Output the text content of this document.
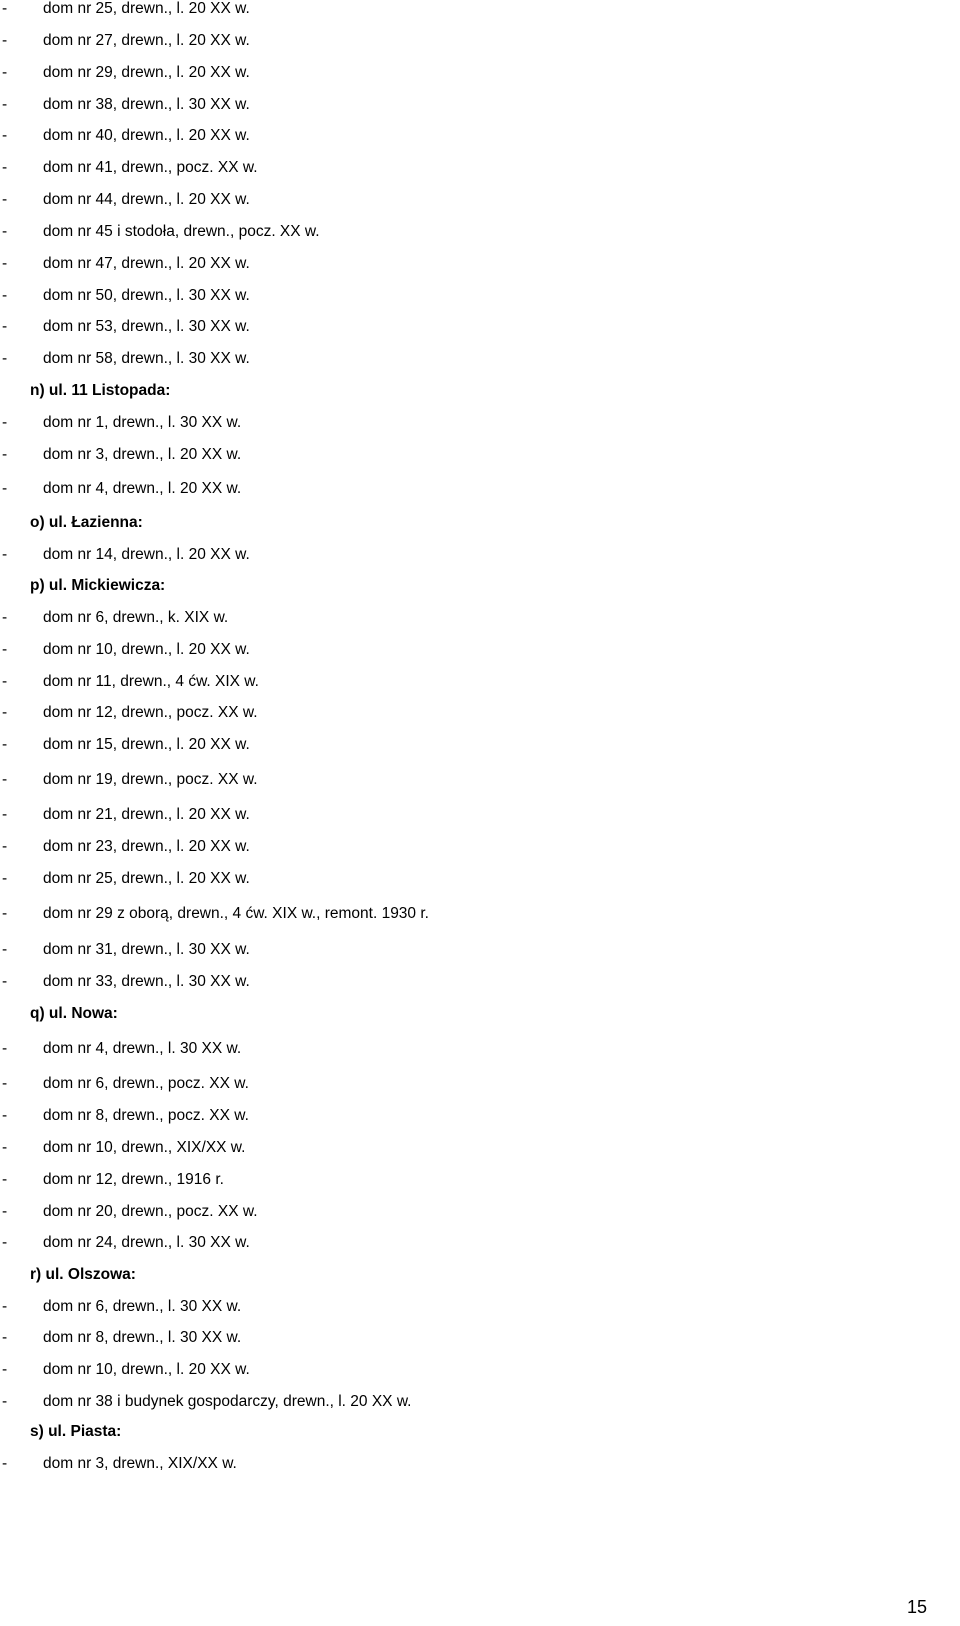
- dom nr 25, drewn., l. 20 XX w.
- dom nr 27, drewn., l. 20 XX w.
- dom nr 29, drewn., l. 20 XX w.
- dom nr 38, drewn., l. 30 XX w.
- dom nr 40, drewn., l. 20 XX w.
- dom nr 41, drewn., pocz. XX w.
- dom nr 44, drewn., l. 20 XX w.
- dom nr 45 i stodoła, drewn., pocz. XX w.
- dom nr 47, drewn., l. 20 XX w.
- dom nr 50, drewn., l. 30 XX w.
- dom nr 53, drewn., l. 30 XX w.
- dom nr 58, drewn., l. 30 XX w.
n) ul. 11 Listopada:
- dom nr 1, drewn., l. 30 XX w.
- dom nr 3, drewn., l. 20 XX w.
- dom nr 4, drewn., l. 20 XX w.
o) ul. Łazienna:
- dom nr 14, drewn., l. 20 XX w.
p) ul. Mickiewicza:
- dom nr 6, drewn., k. XIX w.
- dom nr 10, drewn., l. 20 XX w.
- dom nr 11, drewn., 4 ćw. XIX w.
- dom nr 12, drewn., pocz. XX w.
- dom nr 15, drewn., l. 20 XX w.
- dom nr 19, drewn., pocz. XX w.
- dom nr 21, drewn., l. 20 XX w.
- dom nr 23, drewn., l. 20 XX w.
- dom nr 25, drewn., l. 20 XX w.
- dom nr 29 z oborą, drewn., 4 ćw. XIX w., remont. 1930 r.
- dom nr 31, drewn., l. 30 XX w.
- dom nr 33, drewn., l. 30 XX w.
q) ul. Nowa:
- dom nr 4, drewn., l. 30 XX w.
- dom nr 6, drewn., pocz. XX w.
- dom nr 8, drewn., pocz. XX w.
- dom nr 10, drewn., XIX/XX w.
- dom nr 12, drewn., 1916 r.
- dom nr 20, drewn., pocz. XX w.
- dom nr 24, drewn., l. 30 XX w.
r) ul. Olszowa:
- dom nr 6, drewn., l. 30 XX w.
- dom nr 8, drewn., l. 30 XX w.
- dom nr 10, drewn., l. 20 XX w.
- dom nr 38 i budynek gospodarczy, drewn., l. 20 XX w.
s) ul. Piasta:
- dom nr 3, drewn., XIX/XX w.
15
